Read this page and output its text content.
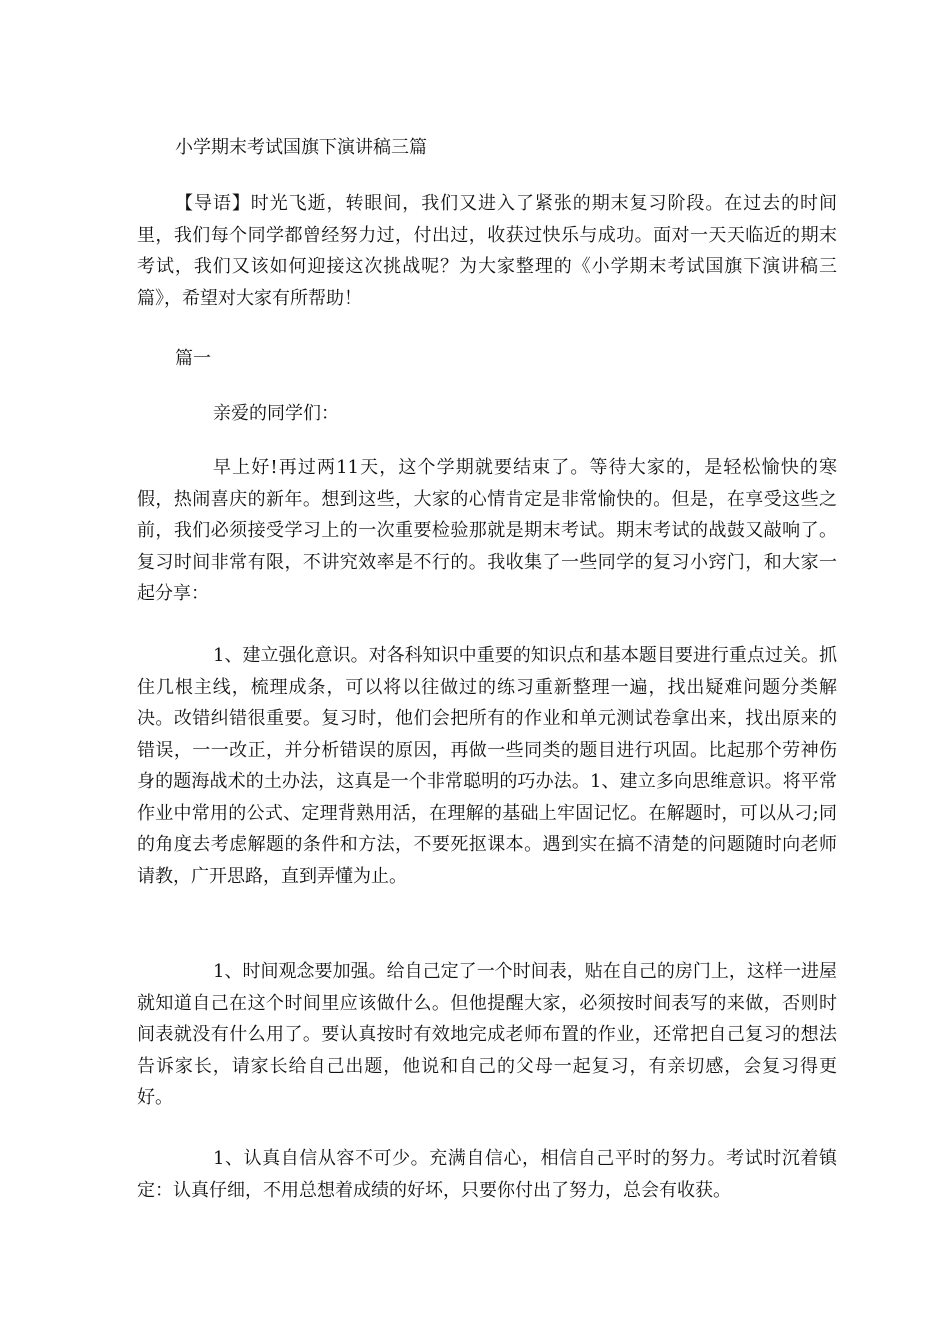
小学期末考试国旗下演讲稿三篇
【导语】时光飞逝，转眼间，我们又进入了紧张的期末复习阶段。在过去的时间里，我们每个同学都曾经努力过，付出过，收获过快乐与成功。面对一天天临近的期末考试，我们又该如何迎接这次挑战呢？为大家整理的《小学期末考试国旗下演讲稿三篇》，希望对大家有所帮助！
篇一
亲爱的同学们：
早上好!再过两11天，这个学期就要结束了。等待大家的，是轻松愉快的寒假，热闹喜庆的新年。想到这些，大家的心情肯定是非常愉快的。但是，在享受这些之前，我们必须接受学习上的一次重要检验那就是期末考试。期末考试的战鼓又敲响了。复习时间非常有限，不讲究效率是不行的。我收集了一些同学的复习小窍门，和大家一起分享：
1、建立强化意识。对各科知识中重要的知识点和基本题目要进行重点过关。抓住几根主线，梳理成条，可以将以往做过的练习重新整理一遍，找出疑难问题分类解决。改错纠错很重要。复习时，他们会把所有的作业和单元测试卷拿出来，找出原来的错误，一一改正，并分析错误的原因，再做一些同类的题目进行巩固。比起那个劳神伤身的题海战术的土办法，这真是一个非常聪明的巧办法。1、建立多向思维意识。将平常作业中常用的公式、定理背熟用活，在理解的基础上牢固记忆。在解题时，可以从刁;同的角度去考虑解题的条件和方法，不要死抠课本。遇到实在搞不清楚的问题随时向老师请教，广开思路，直到弄懂为止。
1、时间观念要加强。给自己定了一个时间表，贴在自己的房门上，这样一进屋就知道自己在这个时间里应该做什么。但他提醒大家，必须按时间表写的来做，否则时间表就没有什么用了。要认真按时有效地完成老师布置的作业，还常把自己复习的想法告诉家长，请家长给自己出题，他说和自己的父母一起复习，有亲切感，会复习得更好。
1、认真自信从容不可少。充满自信心，相信自己平时的努力。考试时沉着镇定：认真仔细，不用总想着成绩的好坏，只要你付出了努力，总会有收获。
